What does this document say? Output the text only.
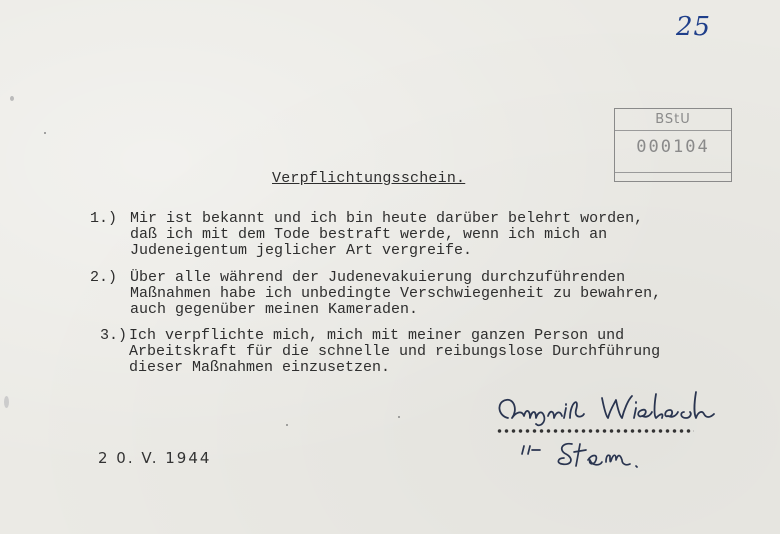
25
BStU
000104
Verpflichtungsschein.
1.) Mir ist bekannt und ich bin heute darüber belehrt worden,
daß ich mit dem Tode bestraft werde, wenn ich mich an
Judeneigentum jeglicher Art vergreife.
2.) Über alle während der Judenevakuierung durchzuführenden
Maßnahmen habe ich unbedingte Verschwiegenheit zu bewahren,
auch gegenüber meinen Kameraden.
3.) Ich verpflichte mich, mich mit meiner ganzen Person und
Arbeitskraft für die schnelle und reibungslose Durchführung
dieser Maßnahmen einzusetzen.
2 0. V. 1944
